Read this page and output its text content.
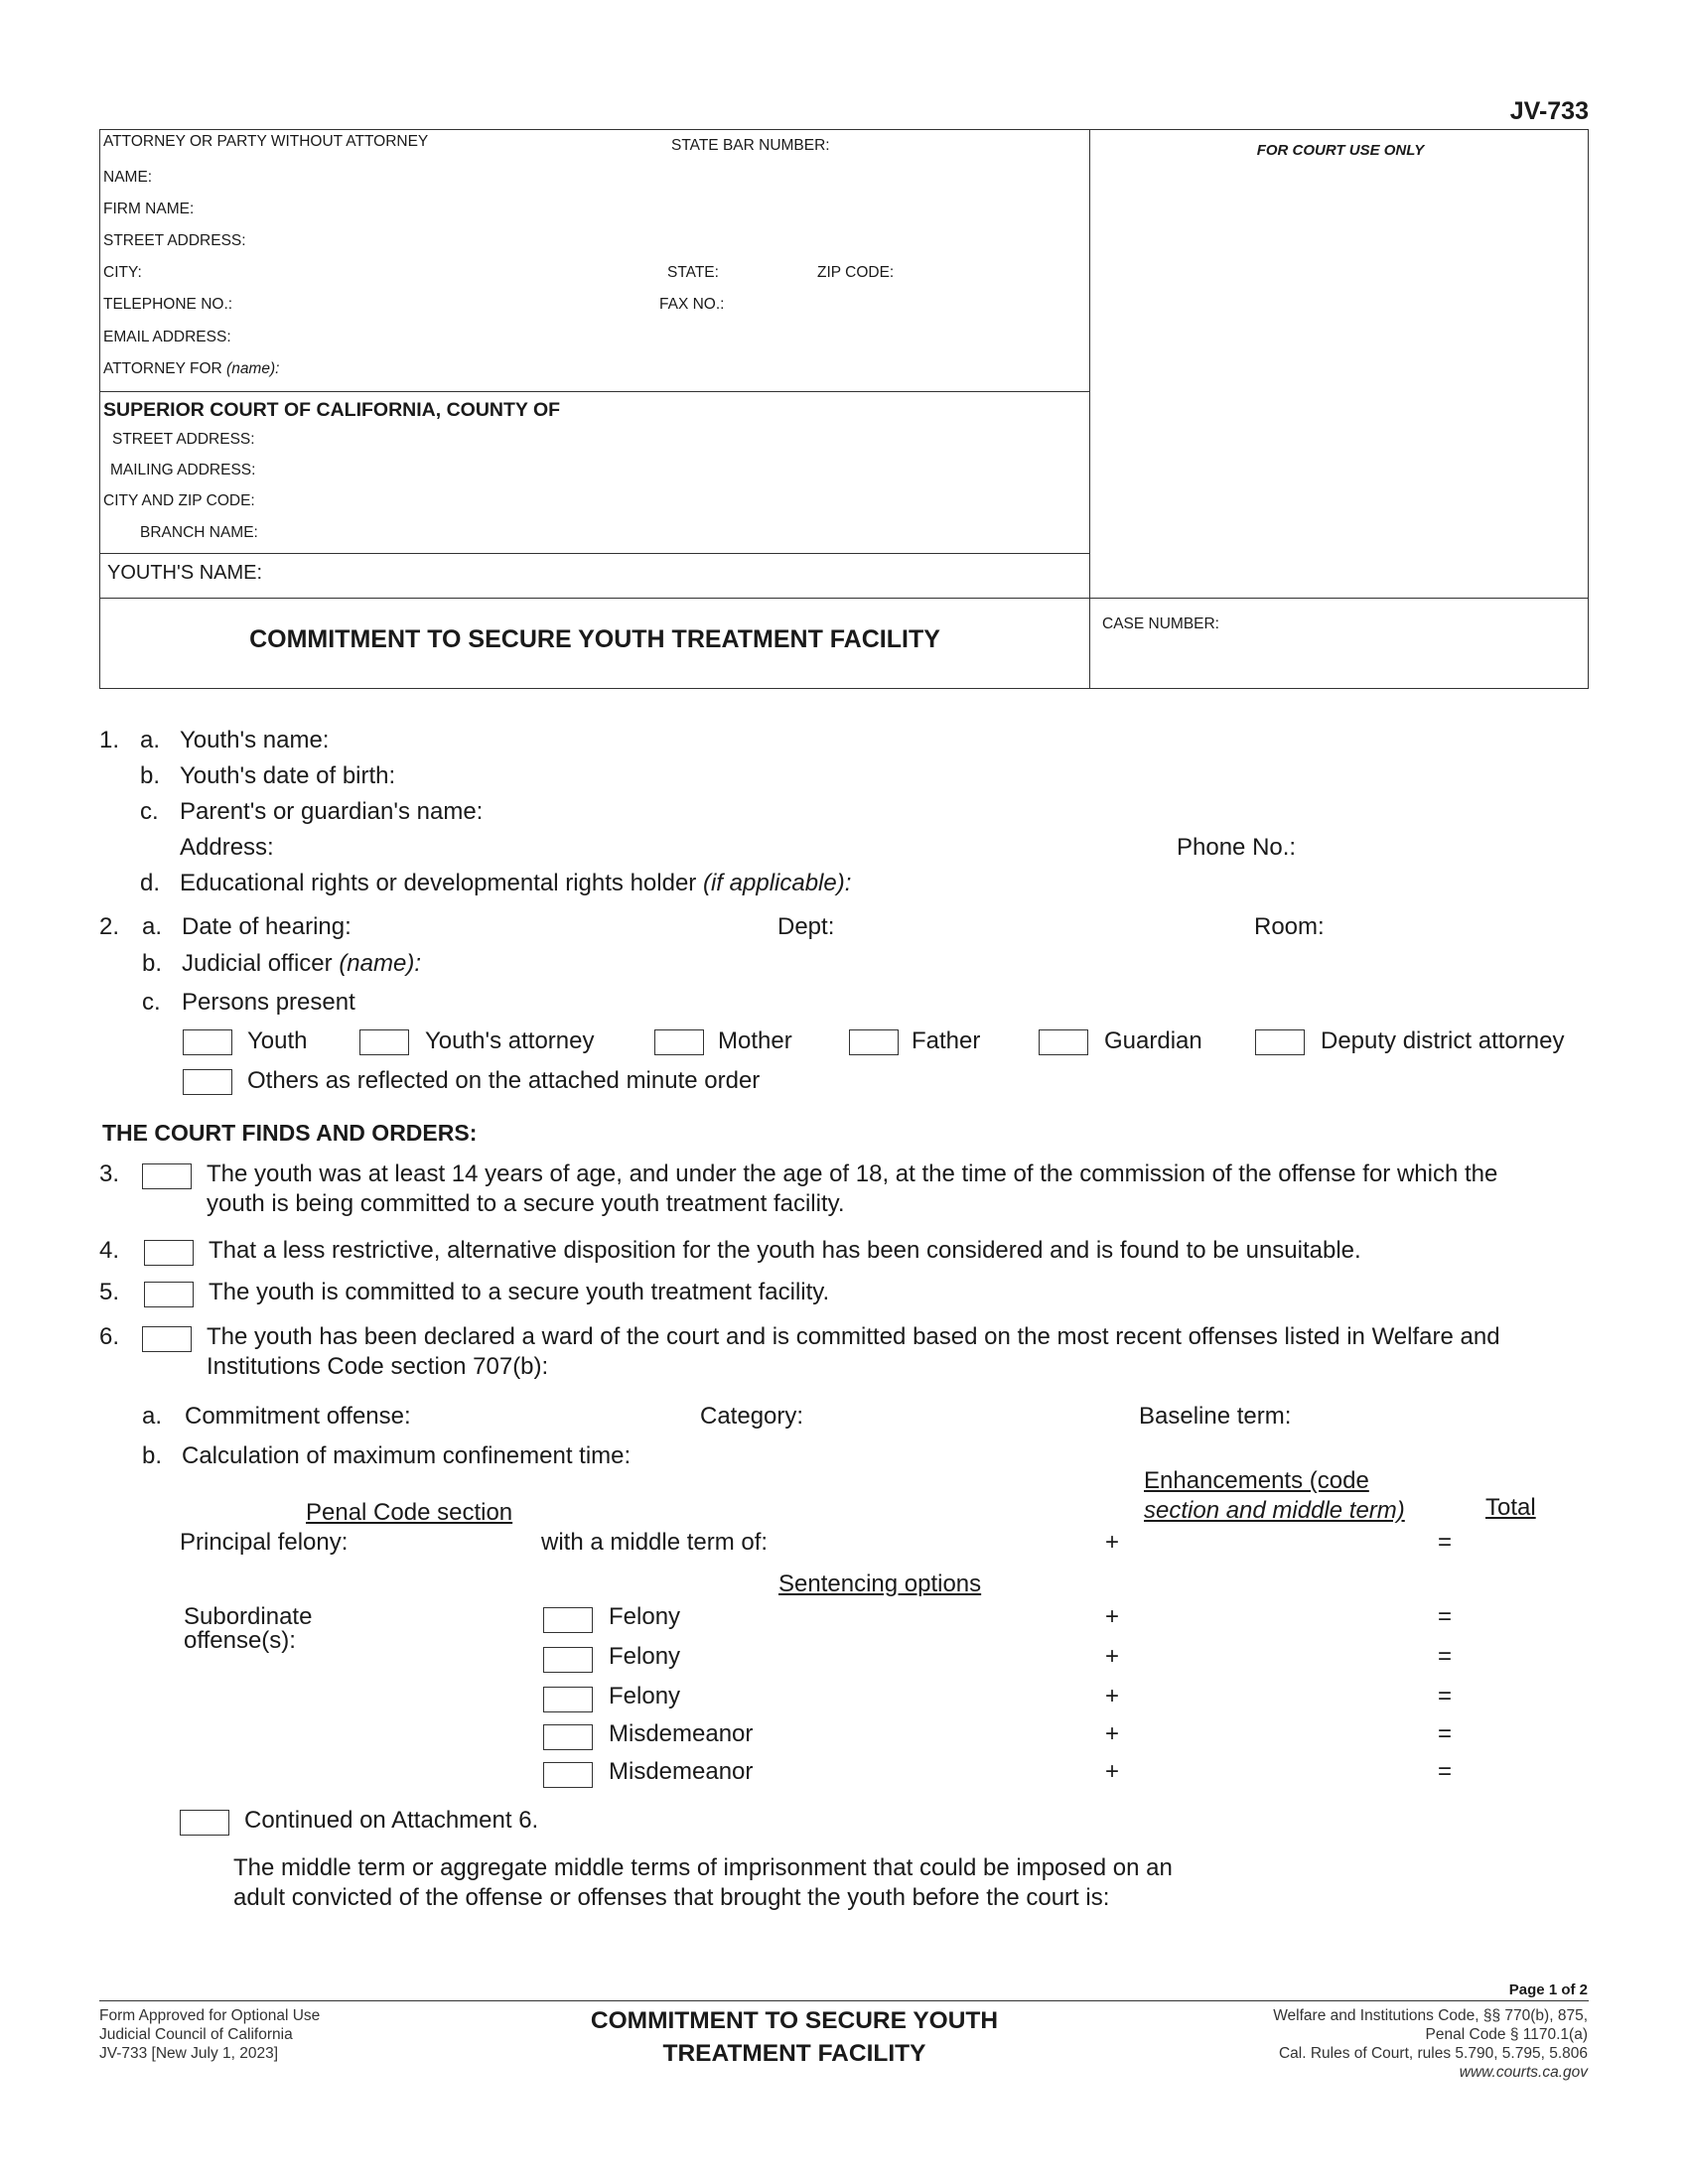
JV-733
ATTORNEY OR PARTY WITHOUT ATTORNEY	STATE BAR NUMBER:	FOR COURT USE ONLY
NAME:
FIRM NAME:
STREET ADDRESS:
CITY:	STATE:	ZIP CODE:
TELEPHONE NO.:	FAX NO.:
EMAIL ADDRESS:
ATTORNEY FOR (name):
SUPERIOR COURT OF CALIFORNIA, COUNTY OF
STREET ADDRESS:
MAILING ADDRESS:
CITY AND ZIP CODE:
BRANCH NAME:
YOUTH'S NAME:
COMMITMENT TO SECURE YOUTH TREATMENT FACILITY
CASE NUMBER:
1. a. Youth's name:
b. Youth's date of birth:
c. Parent's or guardian's name:
Address:	Phone No.:
d. Educational rights or developmental rights holder (if applicable):
2. a. Date of hearing:	Dept:	Room:
b. Judicial officer (name):
c. Persons present
Youth	Youth's attorney	Mother	Father	Guardian	Deputy district attorney
Others as reflected on the attached minute order
THE COURT FINDS AND ORDERS:
3.	The youth was at least 14 years of age, and under the age of 18, at the time of the commission of the offense for which the
youth is being committed to a secure youth treatment facility.
4.	That a less restrictive, alternative disposition for the youth has been considered and is found to be unsuitable.
5.	The youth is committed to a secure youth treatment facility.
6.	The youth has been declared a ward of the court and is committed based on the most recent offenses listed in Welfare and
Institutions Code section 707(b):
a. Commitment offense:	Category:	Baseline term:
b. Calculation of maximum confinement time:
Enhancements (code
section and middle term)
Penal Code section	Total
Principal felony:	with a middle term of:	+	=
Sentencing options
Subordinate
offense(s):
Felony	+	=
Felony	+	=
Felony	+	=
Misdemeanor	+	=
Misdemeanor	+	=
Continued on Attachment 6.
The middle term or aggregate middle terms of imprisonment that could be imposed on an
adult convicted of the offense or offenses that brought the youth before the court is:
Page 1 of 2
Form Approved for Optional Use
Judicial Council of California
JV-733 [New July 1, 2023]
COMMITMENT TO SECURE YOUTH
TREATMENT FACILITY
Welfare and Institutions Code, §§ 770(b), 875,
Penal Code § 1170.1(a)
Cal. Rules of Court, rules 5.790, 5.795, 5.806
www.courts.ca.gov
